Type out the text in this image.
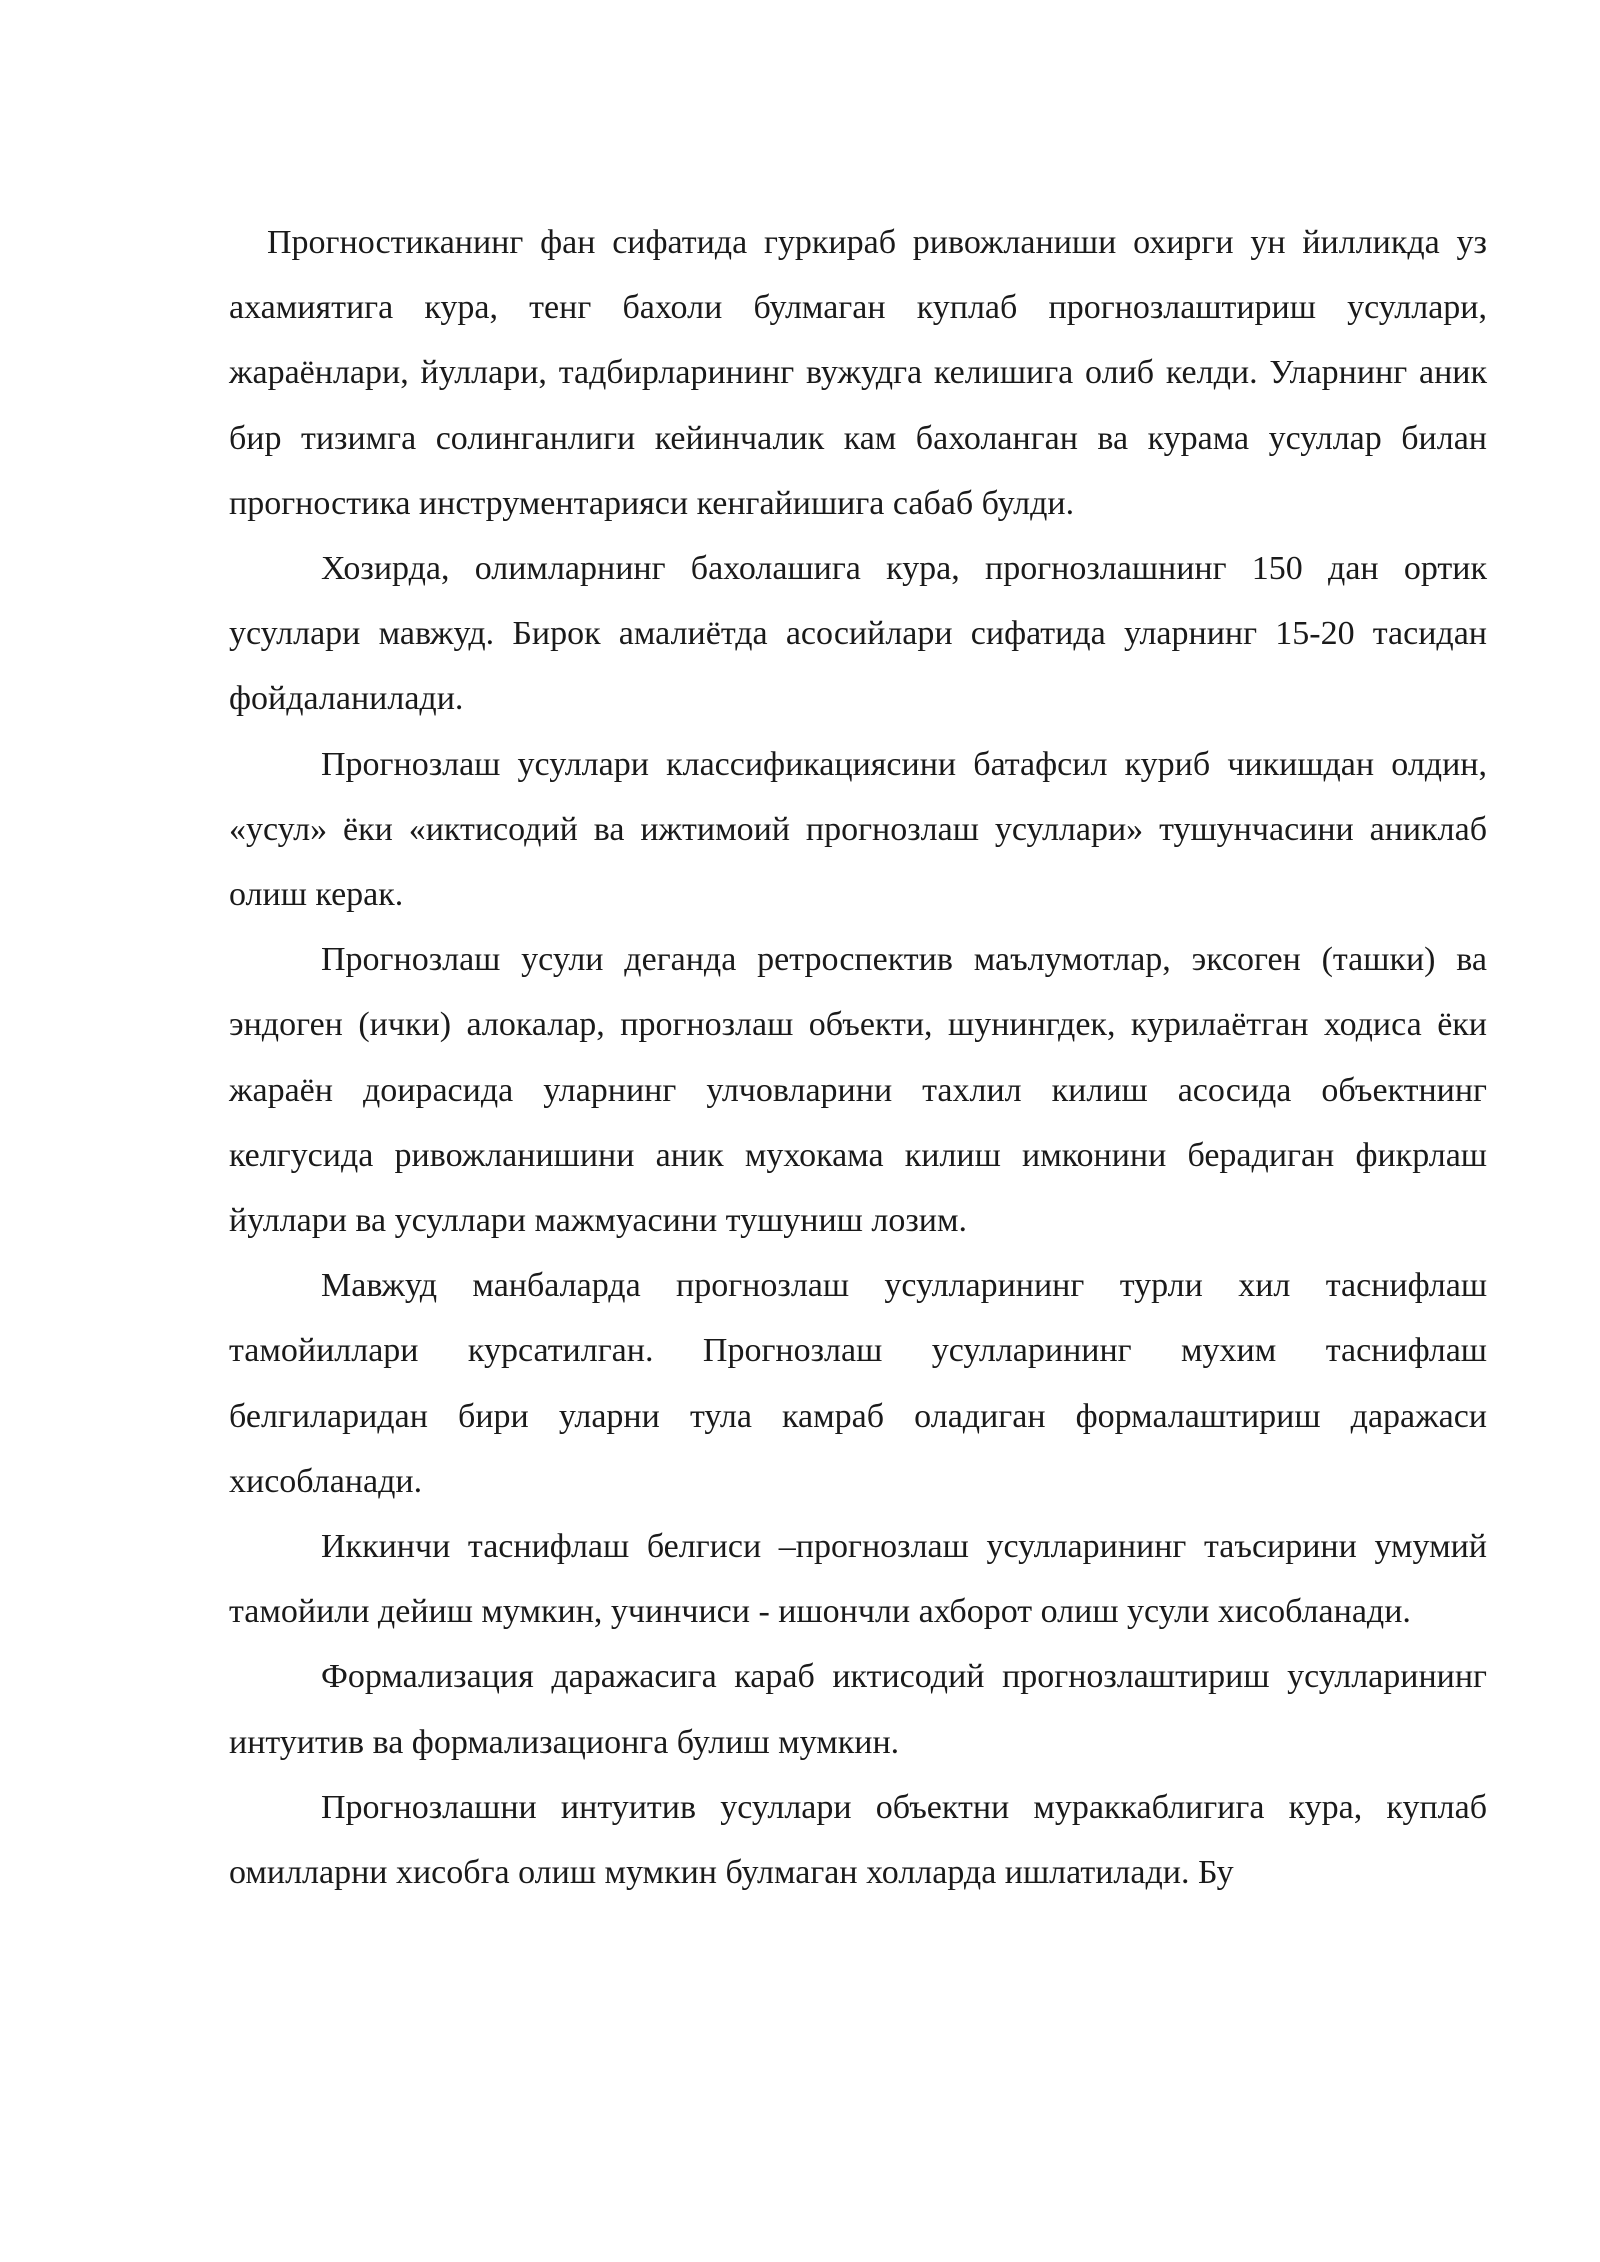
Прогностиканинг фан сифатида гуркираб ривожланиши охирги ун йилликда уз ахамиятига кура, тенг бахоли булмаган куплаб прогнозлаштириш усуллари, жараёнлари, йуллари, тадбирларининг вужудга келишига олиб келди. Уларнинг аник бир тизимга солинганлиги кейинчалик кам бахоланган ва курама усуллар билан прогностика инструментарияси кенгайишига сабаб булди.

Хозирда, олимларнинг бахолашига кура, прогнозлашнинг 150 дан ортик усуллари мавжуд. Бирок амалиётда асосийлари сифатида уларнинг 15-20 тасидан фойдаланилади.

Прогнозлаш усуллари классификациясини батафсил куриб чикишдан олдин, «усул» ёки «иктисодий ва ижтимоий прогнозлаш усуллари» тушунчасини аниклаб олиш керак.

Прогнозлаш усули деганда ретроспектив маълумотлар, эксоген (ташки) ва эндоген (ички) алокалар, прогнозлаш объекти, шунингдек, курилаётган ходиса ёки жараён доирасида уларнинг улчовларини тахлил килиш асосида объектнинг келгусида ривожланишини аник мухокама килиш имконини берадиган фикрлаш йуллари ва усуллари мажмуасини тушуниш лозим.

Мавжуд манбаларда прогнозлаш усулларининг турли хил таснифлаш тамойиллари курсатилган. Прогнозлаш усулларининг мухим таснифлаш белгиларидан бири уларни тула камраб оладиган формалаштириш даражаси хисобланади.

Иккинчи таснифлаш белгиси –прогнозлаш усулларининг таъсирини умумий тамойили дейиш мумкин, учинчиси - ишончли ахборот олиш усули хисобланади.

Формализация даражасига караб иктисодий прогнозлаштириш усулларининг интуитив ва формализационга булиш мумкин.

Прогнозлашни интуитив усуллари объектни мураккаблигига кура, куплаб омилларни хисобга олиш мумкин булмаган холларда ишлатилади. Бу
